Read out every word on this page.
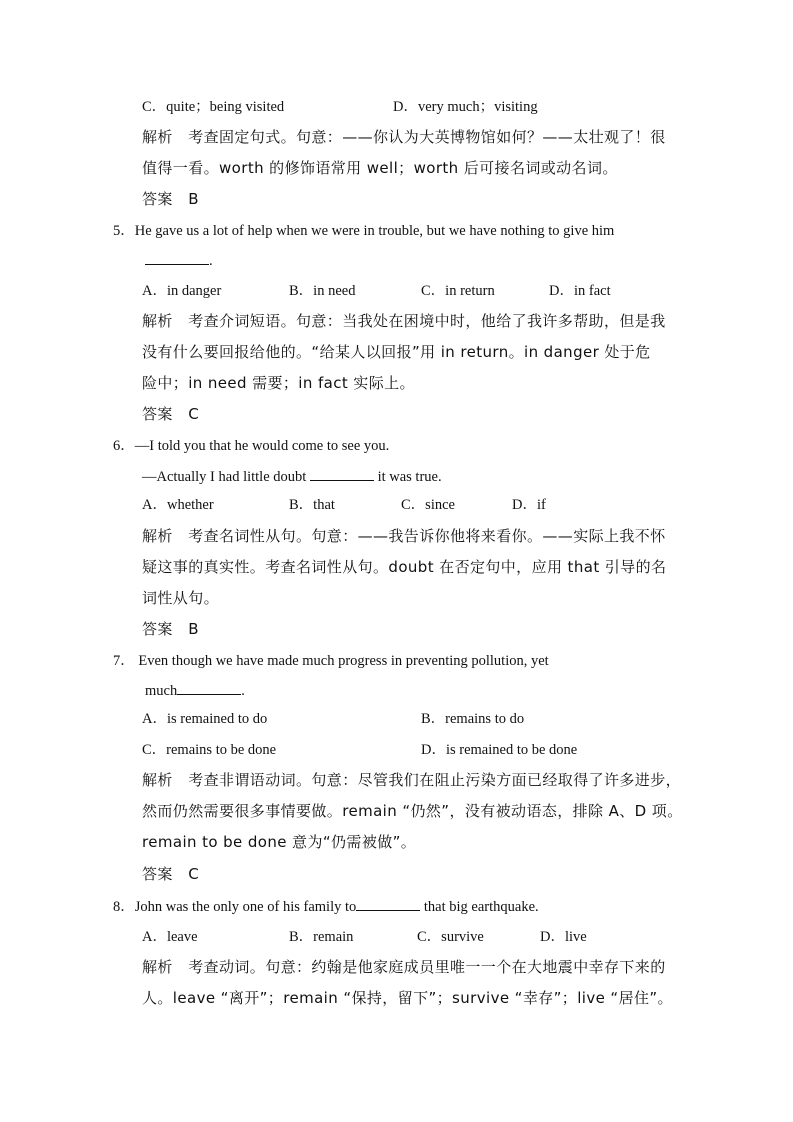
C．quite；being visited	D．very much；visiting
解析　考查固定句式。句意：——你认为大英博物馆如何？——太壮观了！很
值得一看。worth 的修饰语常用 well；worth 后可接名词或动名词。
答案　B
5．He gave us a lot of help when we were in trouble, but we have nothing to give him
.
A．in danger	B．in need	C．in return	D．in fact
解析　考查介词短语。句意：当我处在困境中时，他给了我许多帮助，但是我
没有什么要回报给他的。“给某人以回报”用 in return。in danger 处于危
险中；in need 需要；in fact 实际上。
答案　C
6．—I told you that he would come to see you.
—Actually I had little doubt	it was true.
A．whether	B．that	C．since	D．if
解析　考查名词性从句。句意：——我告诉你他将来看你。——实际上我不怀
疑这事的真实性。考查名词性从句。doubt 在否定句中，应用 that 引导的名
词性从句。
答案　B
7． Even though we have made much progress in preventing pollution, yet
much	.
A．is remained to do	B．remains to do
C．remains to be done	D．is remained to be done
解析　考查非谓语动词。句意：尽管我们在阻止污染方面已经取得了许多进步，
然而仍然需要很多事情要做。remain “仍然”，没有被动语态，排除 A、D 项。
remain to be done 意为“仍需被做”。
答案　C
8．John was the only one of his family to	that big earthquake.
A．leave	B．remain	C．survive	D．live
解析　考查动词。句意：约翰是他家庭成员里唯一一个在大地震中幸存下来的
人。leave “离开”；remain “保持，留下”；survive “幸存”；live “居住”。
